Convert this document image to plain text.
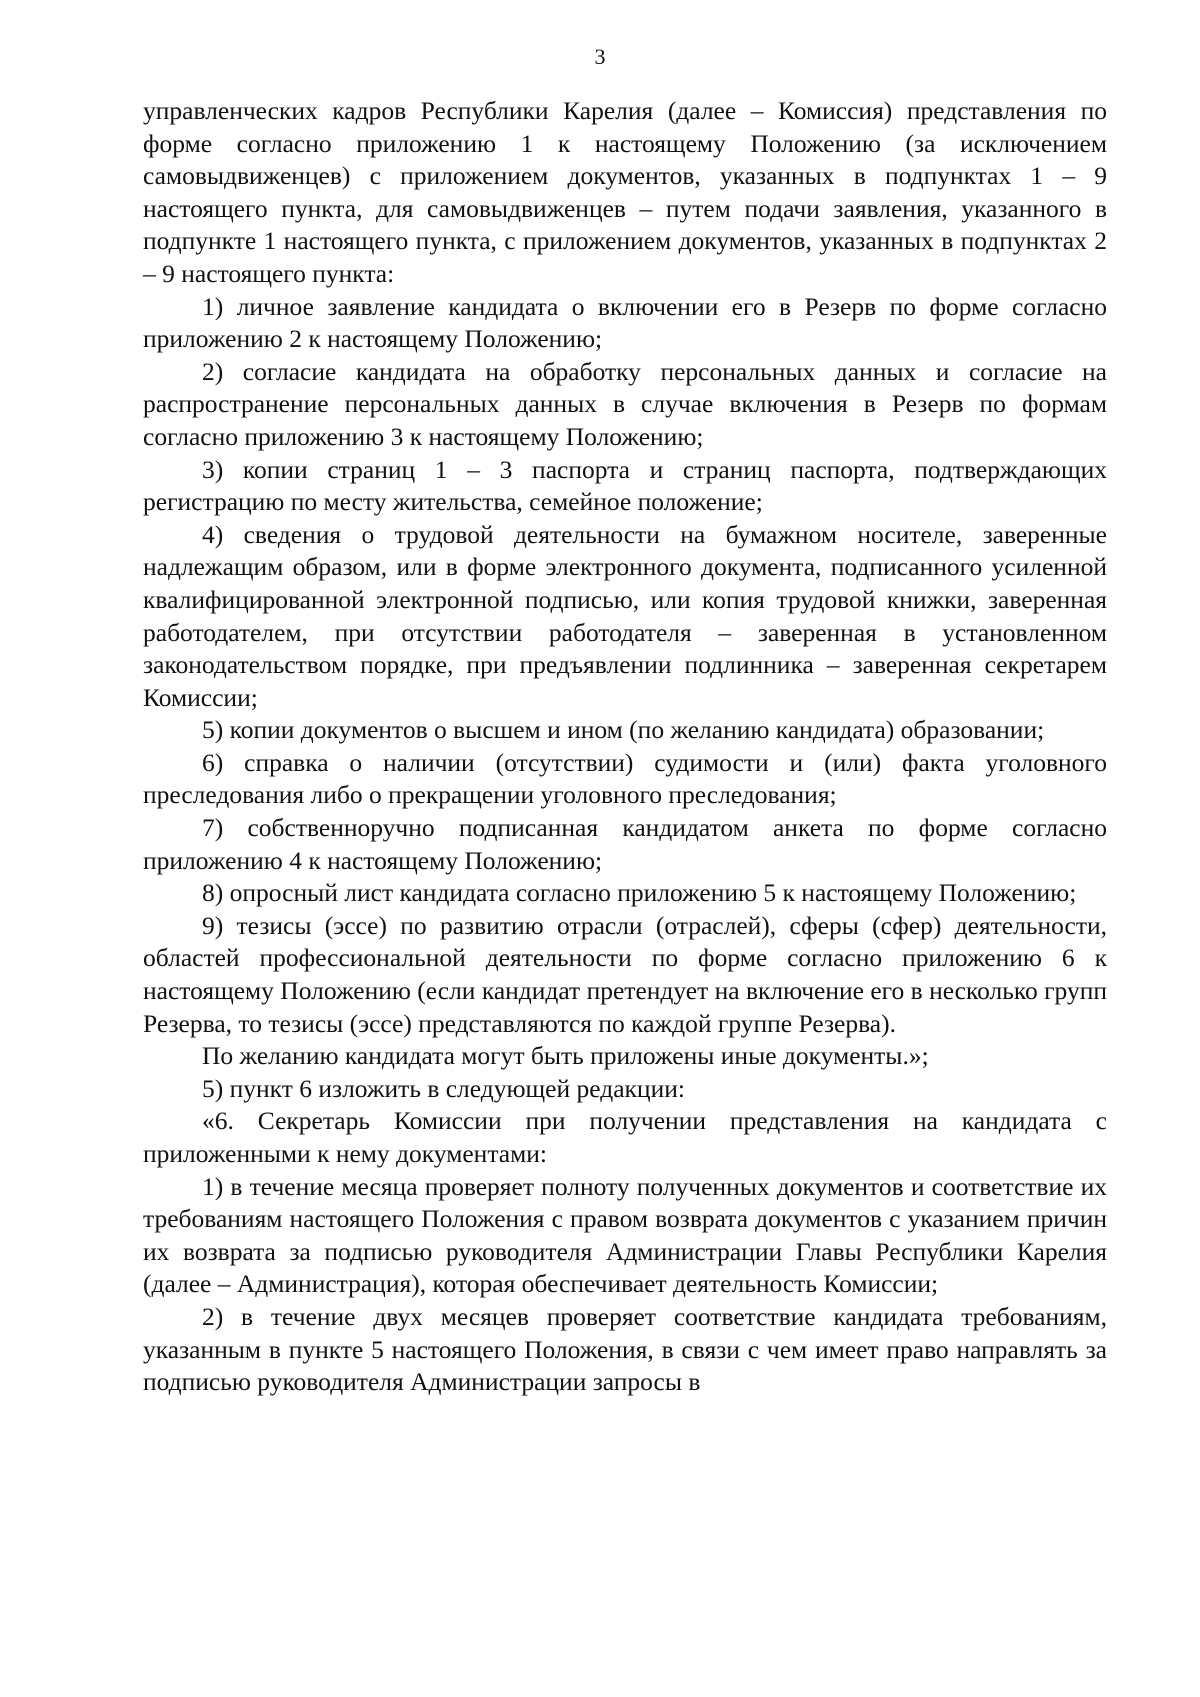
3

управленческих кадров Республики Карелия (далее – Комиссия) представления по форме согласно приложению 1 к настоящему Положению (за исключением самовыдвиженцев) с приложением документов, указанных в подпунктах 1 – 9 настоящего пункта, для самовыдвиженцев – путем подачи заявления, указанного в подпункте 1 настоящего пункта, с приложением документов, указанных в подпунктах 2 – 9 настоящего пункта:

1) личное заявление кандидата о включении его в Резерв по форме согласно приложению 2 к настоящему Положению;

2) согласие кандидата на обработку персональных данных и согласие на распространение персональных данных в случае включения в Резерв по формам согласно приложению 3 к настоящему Положению;

3) копии страниц 1 – 3 паспорта и страниц паспорта, подтверждающих регистрацию по месту жительства, семейное положение;

4) сведения о трудовой деятельности на бумажном носителе, заверенные надлежащим образом, или в форме электронного документа, подписанного усиленной квалифицированной электронной подписью, или копия трудовой книжки, заверенная работодателем, при отсутствии работодателя – заверенная в установленном законодательством порядке, при предъявлении подлинника – заверенная секретарем Комиссии;

5) копии документов о высшем и ином (по желанию кандидата) образовании;

6) справка о наличии (отсутствии) судимости и (или) факта уголовного преследования либо о прекращении уголовного преследования;

7) собственноручно подписанная кандидатом анкета по форме согласно приложению 4 к настоящему Положению;

8) опросный лист кандидата согласно приложению 5 к настоящему Положению;

9) тезисы (эссе) по развитию отрасли (отраслей), сферы (сфер) деятельности, областей профессиональной деятельности по форме согласно приложению 6 к настоящему Положению (если кандидат претендует на включение его в несколько групп Резерва, то тезисы (эссе) представляются по каждой группе Резерва).

По желанию кандидата могут быть приложены иные документы.»;

5) пункт 6 изложить в следующей редакции:

«6. Секретарь Комиссии при получении представления на кандидата с приложенными к нему документами:

1) в течение месяца проверяет полноту полученных документов и соответствие их требованиям настоящего Положения с правом возврата документов с указанием причин их возврата за подписью руководителя Администрации Главы Республики Карелия (далее – Администрация), которая обеспечивает деятельность Комиссии;

2) в течение двух месяцев проверяет соответствие кандидата требованиям, указанным в пункте 5 настоящего Положения, в связи с чем имеет право направлять за подписью руководителя Администрации запросы в
